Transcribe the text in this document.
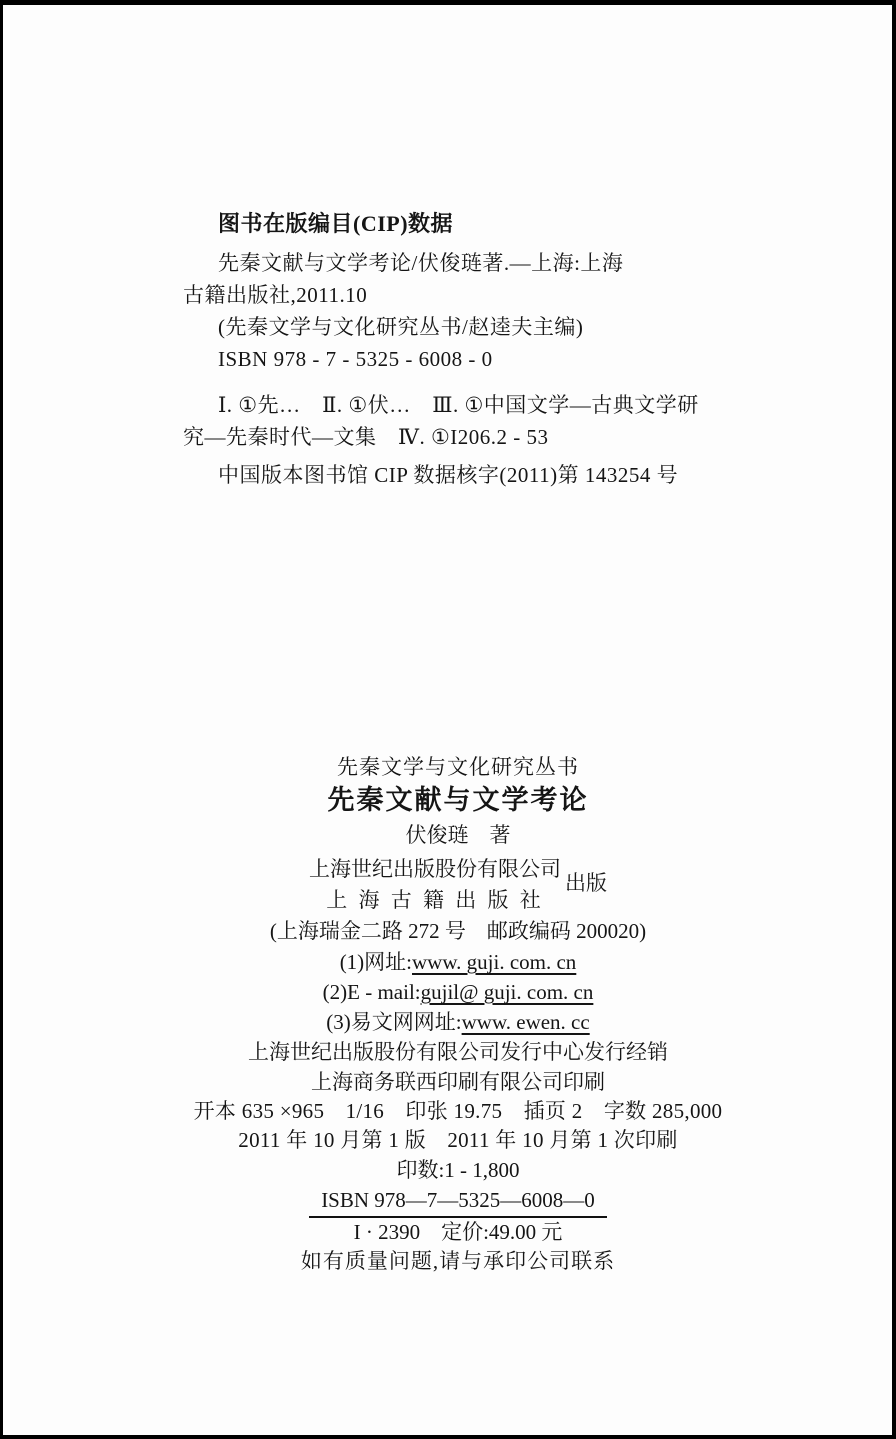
图书在版编目(CIP)数据
先秦文献与文学考论/伏俊琏著.—上海:上海
古籍出版社,2011.10
(先秦文学与文化研究丛书/赵逵夫主编)
ISBN 978 - 7 - 5325 - 6008 - 0
Ⅰ. ①先…　Ⅱ. ①伏…　Ⅲ. ①中国文学—古典文学研
究—先秦时代—文集　Ⅳ. ①I206.2 - 53
中国版本图书馆 CIP 数据核字(2011)第 143254 号
先秦文学与文化研究丛书
先秦文献与文学考论
伏俊琏　著
上海世纪出版股份有限公司
上 海 古 籍 出 版 社
出版
(上海瑞金二路 272 号　邮政编码 200020)
(1)网址:www. guji. com. cn
(2)E - mail:gujil@ guji. com. cn
(3)易文网网址:www. ewen. cc
上海世纪出版股份有限公司发行中心发行经销
上海商务联西印刷有限公司印刷
开本 635 ×965　1/16　印张 19.75　插页 2　字数 285,000
2011 年 10 月第 1 版　2011 年 10 月第 1 次印刷
印数:1 - 1,800
ISBN 978—7—5325—6008—0
I · 2390　定价:49.00 元
如有质量问题,请与承印公司联系
